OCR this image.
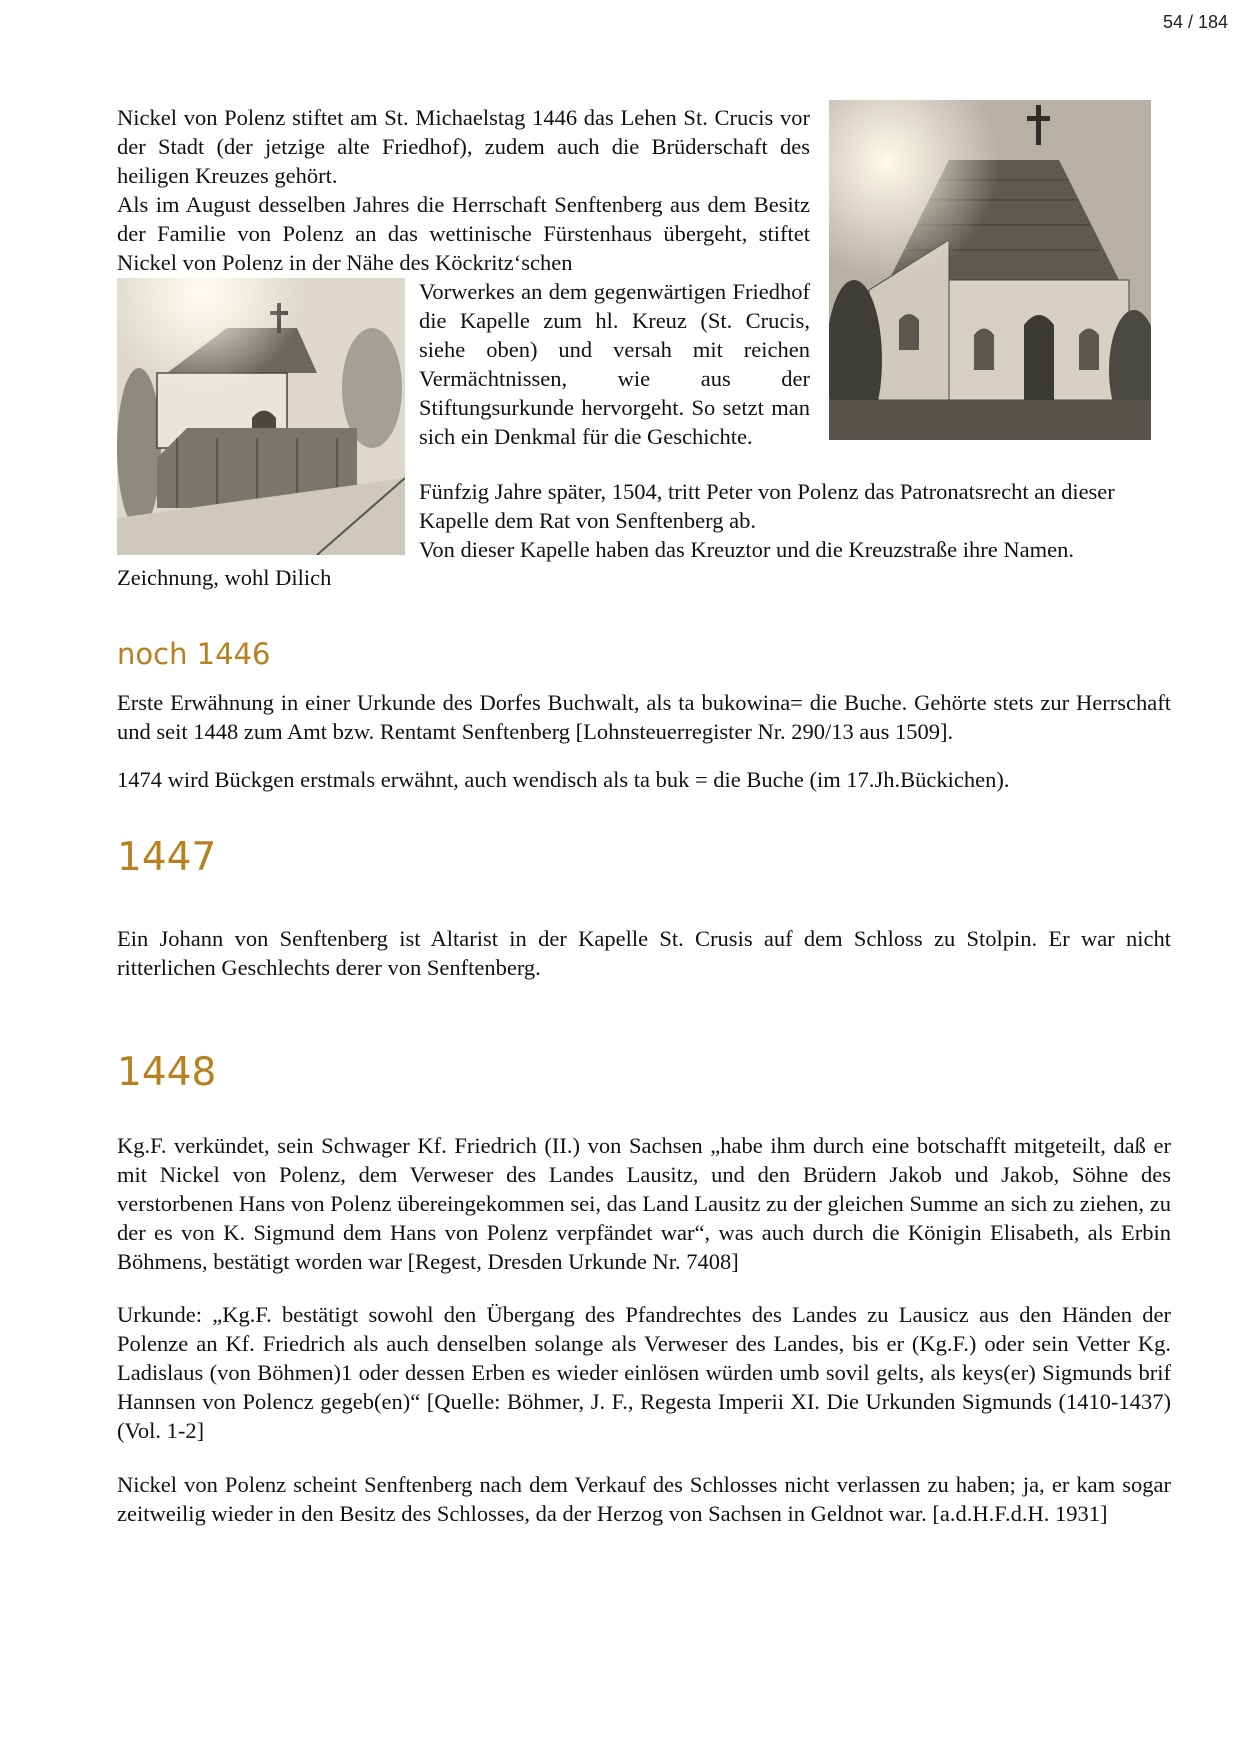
54 / 184

Nickel von Polenz stiftet am St. Michaelstag 1446 das Lehen St. Crucis vor der Stadt (der jetzige alte Friedhof), zudem auch die Brüderschaft des heiligen Kreuzes gehört.

Als im August desselben Jahres die Herrschaft Senftenberg aus dem Besitz der Familie von Polenz an das wettinische Fürstenhaus übergeht, stiftet Nickel von Polenz in der Nähe des Köckritz‘schen

Vorwerkes an dem gegenwärtigen Friedhof die Kapelle zum hl. Kreuz (St. Crucis, siehe oben) und versah mit reichen Vermächtnissen, wie aus der Stiftungsurkunde hervorgeht. So setzt man sich ein Denkmal für die Geschichte.

Fünfzig Jahre später, 1504, tritt Peter von Polenz das Patronatsrecht an dieser Kapelle dem Rat von Senftenberg ab.

Von dieser Kapelle haben das Kreuztor und die Kreuzstraße ihre Namen.

Zeichnung, wohl Dilich

noch 1446

Erste Erwähnung in einer Urkunde des Dorfes Buchwalt, als ta bukowina= die Buche. Gehörte stets zur Herrschaft und seit 1448 zum Amt bzw. Rentamt Senftenberg [Lohnsteuerregister Nr. 290/13 aus 1509].

1474 wird Bückgen erstmals erwähnt, auch wendisch als ta buk = die Buche (im 17.Jh.Bückichen).

1447

Ein Johann von Senftenberg ist Altarist in der Kapelle St. Crusis auf dem Schloss zu Stolpin. Er war nicht ritterlichen Geschlechts derer von Senftenberg.

1448

Kg.F. verkündet, sein Schwager Kf. Friedrich (II.) von Sachsen „habe ihm durch eine botschafft mitgeteilt, daß er mit Nickel von Polenz, dem Verweser des Landes Lausitz, und den Brüdern Jakob und Jakob, Söhne des verstorbenen Hans von Polenz übereingekommen sei, das Land Lausitz zu der gleichen Summe an sich zu ziehen, zu der es von K. Sigmund dem Hans von Polenz verpfändet war“, was auch durch die Königin Elisabeth, als Erbin Böhmens, bestätigt worden war [Regest, Dresden Urkunde Nr. 7408]

Urkunde: „Kg.F. bestätigt sowohl den Übergang des Pfandrechtes des Landes zu Lausicz aus den Händen der Polenze an Kf. Friedrich als auch denselben solange als Verweser des Landes, bis er (Kg.F.) oder sein Vetter Kg. Ladislaus (von Böhmen)1 oder dessen Erben es wieder einlösen würden umb sovil gelts, als keys(er) Sigmunds brif Hannsen von Polencz gegeb(en)“ [Quelle: Böhmer, J. F., Regesta Imperii XI. Die Urkunden Sigmunds (1410-1437) (Vol. 1-2]

Nickel von Polenz scheint Senftenberg nach dem Verkauf des Schlosses nicht verlassen zu haben; ja, er kam sogar zeitweilig wieder in den Besitz des Schlosses, da der Herzog von Sachsen in Geldnot war. [a.d.H.F.d.H. 1931]
